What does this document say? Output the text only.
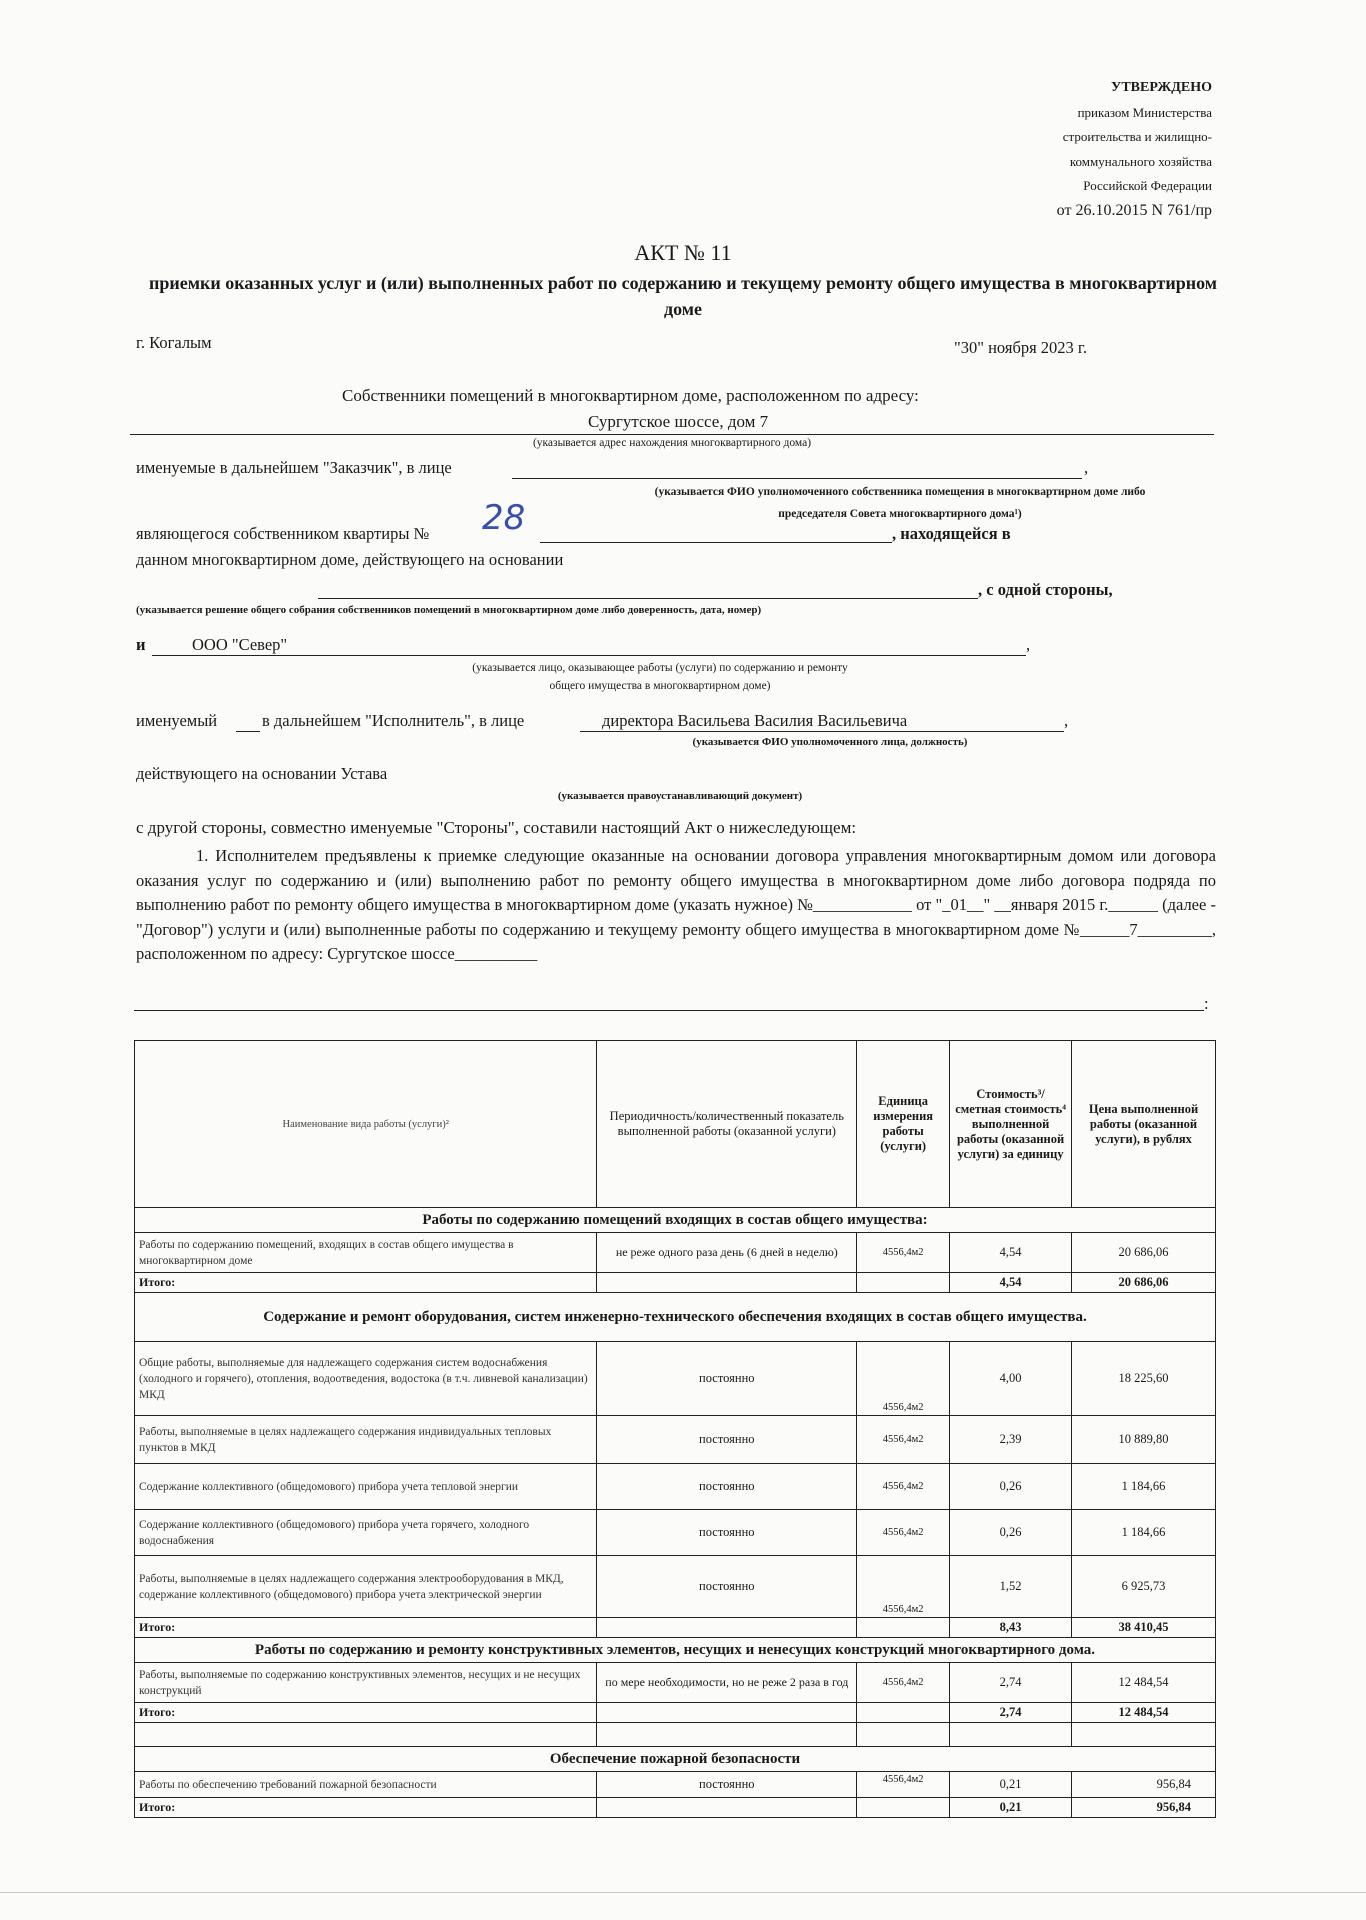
УТВЕРЖДЕНО
приказом Министерства
строительства и жилищно-
коммунального хозяйства
Российской Федерации
от 26.10.2015 N 761/пр
АКТ № 11
приемки оказанных услуг и (или) выполненных работ по содержанию и текущему ремонту общего имущества в многоквартирном доме
г. Когалым	"30" ноября 2023 г.
Собственники помещений в многоквартирном доме, расположенном по адресу:
Сургутское шоссе, дом 7
(указывается адрес нахождения многоквартирного дома)
именуемые в дальнейшем "Заказчик", в лице	,
(указывается ФИО уполномоченного собственника помещения в многоквартирном доме либо
председателя Совета многоквартирного дома¹)
являющегося собственником квартиры № 28	, находящейся в
данном многоквартирном доме, действующего на основании
, с одной стороны,
(указывается решение общего собрания собственников помещений в многоквартирном доме либо доверенность, дата, номер)
и	ООО "Север"	,
(указывается лицо, оказывающее работы (услуги) по содержанию и ремонту
общего имущества в многоквартирном доме)
именуемый	в дальнейшем "Исполнитель", в лице	директора Васильева Василия Васильевича	,
(указывается ФИО уполномоченного лица, должность)
действующего на основании Устава
(указывается правоустанавливающий документ)
с другой стороны, совместно именуемые "Стороны", составили настоящий Акт о нижеследующем:
1. Исполнителем предъявлены к приемке следующие оказанные на основании договора управления многоквартирным домом или договора оказания услуг по содержанию и (или) выполнению работ по ремонту общего имущества в многоквартирном доме либо договора подряда по выполнению работ по ремонту общего имущества в многоквартирном доме (указать нужное) №____________ от "_01__" __января 2015 г.______ (далее - "Договор") услуги и (или) выполненные работы по содержанию и текущему ремонту общего имущества в многоквартирном доме №______7_________, расположенном по адресу: Сургутское шоссе__________
:
Наименование вида работы (услуги)²	Периодичность/количественный показатель выполненной работы (оказанной услуги)	Единица измерения работы (услуги)	Стоимость³/сметная стоимость⁴ выполненной работы (оказанной услуги) за единицу	Цена выполненной работы (оказанной услуги), в рублях
Работы по содержанию помещений входящих в состав общего имущества:				
Работы по содержанию помещений, входящих в состав общего имущества в многоквартирном доме	не реже одного раза день (6 дней в неделю)	4556,4м2	4,54	20 686,06
Итого:			4,54	20 686,06
Содержание и ремонт оборудования, систем инженерно-технического обеспечения входящих в состав общего имущества.				
Общие работы, выполняемые для надлежащего содержания систем водоснабжения (холодного и горячего), отопления, водоотведения, водостока (в т.ч. ливневой канализации) МКД	постоянно	4556,4м2	4,00	18 225,60
Работы, выполняемые в целях надлежащего содержания индивидуальных тепловых пунктов в МКД	постоянно	4556,4м2	2,39	10 889,80
Содержание коллективного (общедомового) прибора учета тепловой энергии	постоянно	4556,4м2	0,26	1 184,66
Содержание коллективного (общедомового) прибора учета горячего, холодного водоснабжения	постоянно	4556,4м2	0,26	1 184,66
Работы, выполняемые в целях надлежащего содержания электрооборудования в МКД, содержание коллективного (общедомового) прибора учета электрической энергии	постоянно	4556,4м2	1,52	6 925,73
Итого:			8,43	38 410,45
Работы по содержанию и ремонту конструктивных элементов, несущих и ненесущих конструкций многоквартирного дома.				
Работы, выполняемые по содержанию конструктивных элементов, несущих и не несущих конструкций	по мере необходимости, но не реже 2 раза в год	4556,4м2	2,74	12 484,54
Итого:			2,74	12 484,54

Обеспечение пожарной безопасности				
Работы по обеспечению требований пожарной безопасности	постоянно	4556,4м2	0,21	956,84
Итого:			0,21	956,84
